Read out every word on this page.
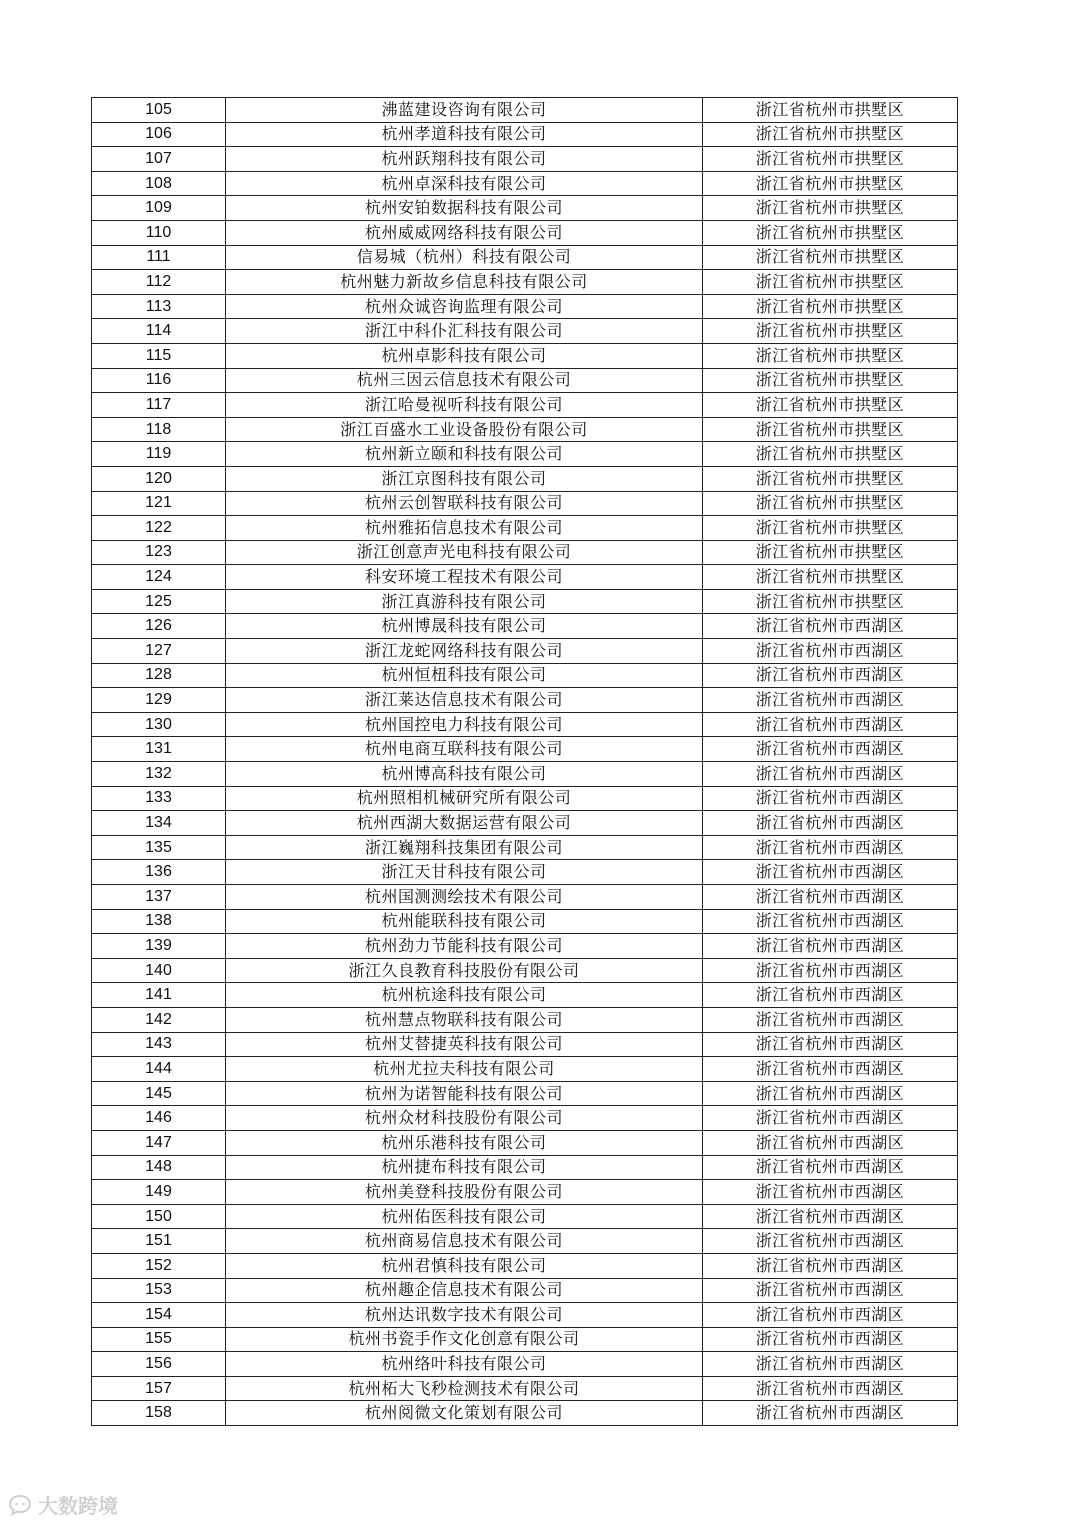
105	沸蓝建设咨询有限公司	浙江省杭州市拱墅区
106	杭州孝道科技有限公司	浙江省杭州市拱墅区
107	杭州跃翔科技有限公司	浙江省杭州市拱墅区
108	杭州卓深科技有限公司	浙江省杭州市拱墅区
109	杭州安铂数据科技有限公司	浙江省杭州市拱墅区
110	杭州威威网络科技有限公司	浙江省杭州市拱墅区
111	信易城（杭州）科技有限公司	浙江省杭州市拱墅区
112	杭州魅力新故乡信息科技有限公司	浙江省杭州市拱墅区
113	杭州众诚咨询监理有限公司	浙江省杭州市拱墅区
114	浙江中科仆汇科技有限公司	浙江省杭州市拱墅区
115	杭州卓影科技有限公司	浙江省杭州市拱墅区
116	杭州三因云信息技术有限公司	浙江省杭州市拱墅区
117	浙江哈曼视听科技有限公司	浙江省杭州市拱墅区
118	浙江百盛水工业设备股份有限公司	浙江省杭州市拱墅区
119	杭州新立颐和科技有限公司	浙江省杭州市拱墅区
120	浙江京图科技有限公司	浙江省杭州市拱墅区
121	杭州云创智联科技有限公司	浙江省杭州市拱墅区
122	杭州雅拓信息技术有限公司	浙江省杭州市拱墅区
123	浙江创意声光电科技有限公司	浙江省杭州市拱墅区
124	科安环境工程技术有限公司	浙江省杭州市拱墅区
125	浙江真游科技有限公司	浙江省杭州市拱墅区
126	杭州博晟科技有限公司	浙江省杭州市西湖区
127	浙江龙蛇网络科技有限公司	浙江省杭州市西湖区
128	杭州恒杻科技有限公司	浙江省杭州市西湖区
129	浙江莱达信息技术有限公司	浙江省杭州市西湖区
130	杭州国控电力科技有限公司	浙江省杭州市西湖区
131	杭州电商互联科技有限公司	浙江省杭州市西湖区
132	杭州博高科技有限公司	浙江省杭州市西湖区
133	杭州照相机械研究所有限公司	浙江省杭州市西湖区
134	杭州西湖大数据运营有限公司	浙江省杭州市西湖区
135	浙江巍翔科技集团有限公司	浙江省杭州市西湖区
136	浙江天甘科技有限公司	浙江省杭州市西湖区
137	杭州国测测绘技术有限公司	浙江省杭州市西湖区
138	杭州能联科技有限公司	浙江省杭州市西湖区
139	杭州劲力节能科技有限公司	浙江省杭州市西湖区
140	浙江久良教育科技股份有限公司	浙江省杭州市西湖区
141	杭州杭途科技有限公司	浙江省杭州市西湖区
142	杭州慧点物联科技有限公司	浙江省杭州市西湖区
143	杭州艾替捷英科技有限公司	浙江省杭州市西湖区
144	杭州尤拉夫科技有限公司	浙江省杭州市西湖区
145	杭州为诺智能科技有限公司	浙江省杭州市西湖区
146	杭州众材科技股份有限公司	浙江省杭州市西湖区
147	杭州乐港科技有限公司	浙江省杭州市西湖区
148	杭州捷布科技有限公司	浙江省杭州市西湖区
149	杭州美登科技股份有限公司	浙江省杭州市西湖区
150	杭州佑医科技有限公司	浙江省杭州市西湖区
151	杭州商易信息技术有限公司	浙江省杭州市西湖区
152	杭州君慎科技有限公司	浙江省杭州市西湖区
153	杭州趣企信息技术有限公司	浙江省杭州市西湖区
154	杭州达讯数字技术有限公司	浙江省杭州市西湖区
155	杭州书瓷手作文化创意有限公司	浙江省杭州市西湖区
156	杭州络叶科技有限公司	浙江省杭州市西湖区
157	杭州柘大飞秒检测技术有限公司	浙江省杭州市西湖区
158	杭州阅微文化策划有限公司	浙江省杭州市西湖区
大数跨境
